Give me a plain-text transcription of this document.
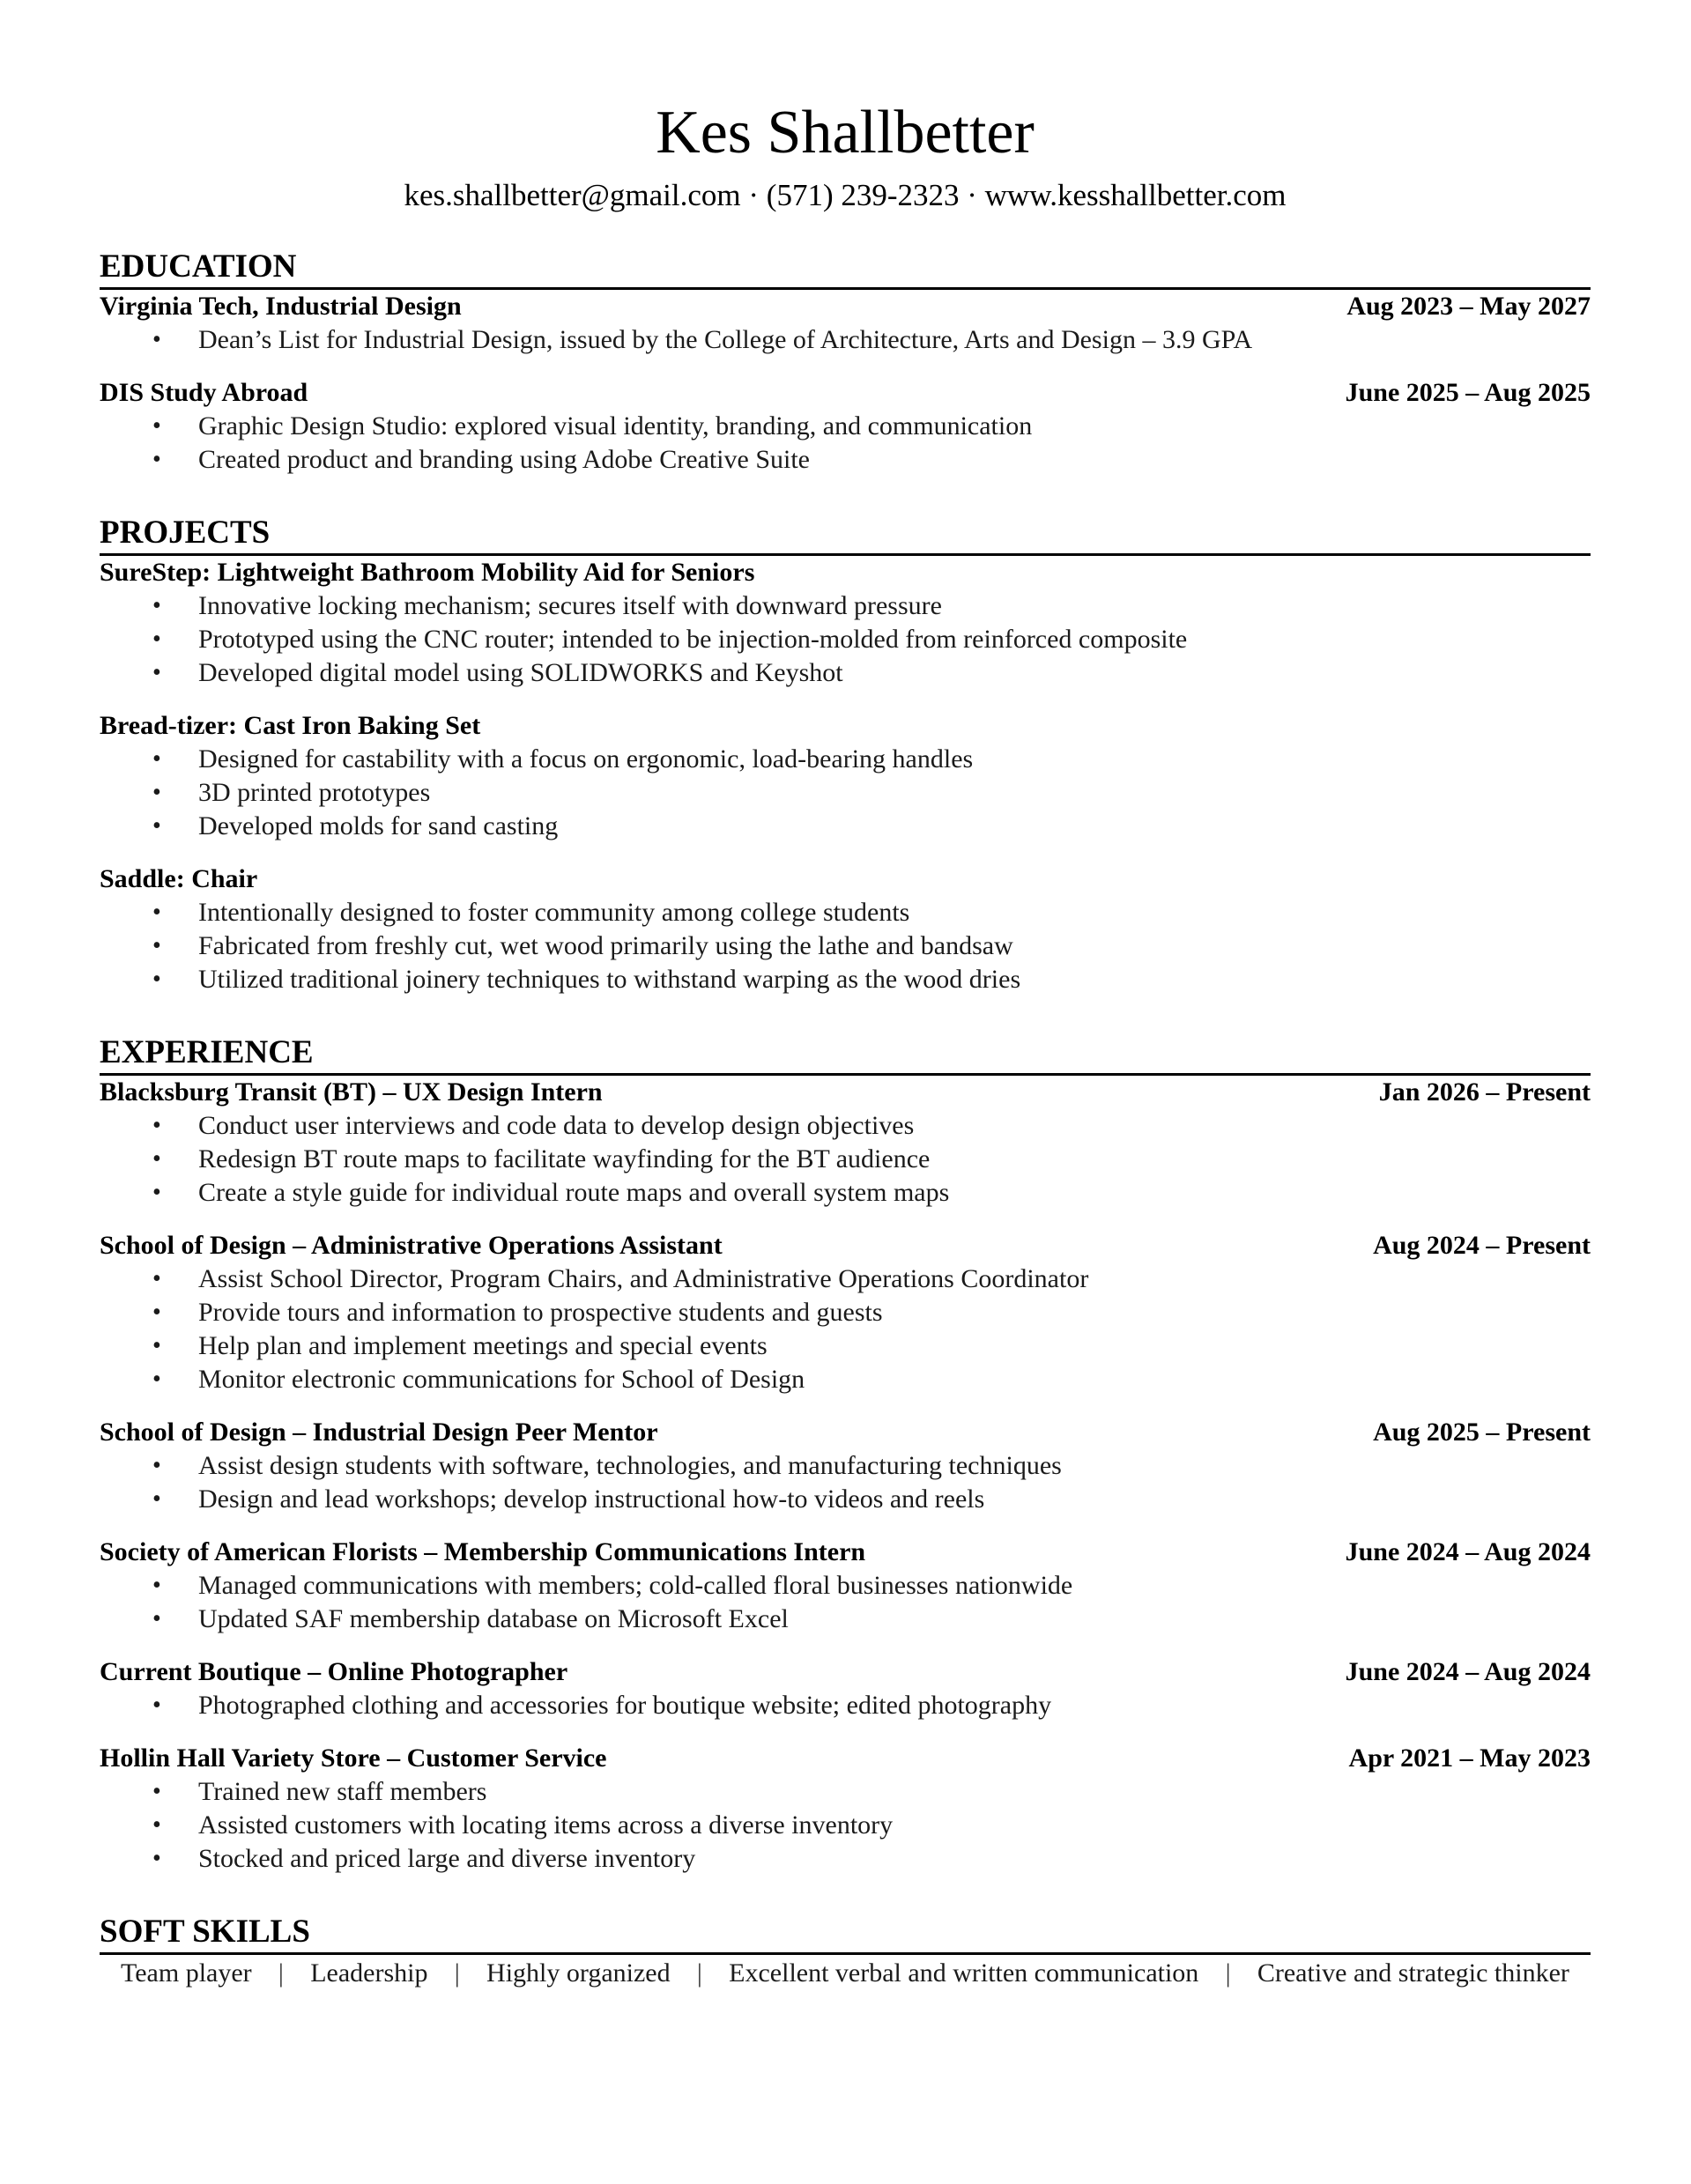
Kes Shallbetter
kes.shallbetter@gmail.com · (571) 239-2323 · www.kesshallbetter.com
EDUCATION
Virginia Tech, Industrial Design	Aug 2023 – May 2027
• Dean’s List for Industrial Design, issued by the College of Architecture, Arts and Design – 3.9 GPA
DIS Study Abroad	June 2025 – Aug 2025
• Graphic Design Studio: explored visual identity, branding, and communication
• Created product and branding using Adobe Creative Suite
PROJECTS
SureStep: Lightweight Bathroom Mobility Aid for Seniors
• Innovative locking mechanism; secures itself with downward pressure
• Prototyped using the CNC router; intended to be injection-molded from reinforced composite
• Developed digital model using SOLIDWORKS and Keyshot
Bread-tizer: Cast Iron Baking Set
• Designed for castability with a focus on ergonomic, load-bearing handles
• 3D printed prototypes
• Developed molds for sand casting
Saddle: Chair
• Intentionally designed to foster community among college students
• Fabricated from freshly cut, wet wood primarily using the lathe and bandsaw
• Utilized traditional joinery techniques to withstand warping as the wood dries
EXPERIENCE
Blacksburg Transit (BT) – UX Design Intern	Jan 2026 – Present
• Conduct user interviews and code data to develop design objectives
• Redesign BT route maps to facilitate wayfinding for the BT audience
• Create a style guide for individual route maps and overall system maps
School of Design – Administrative Operations Assistant	Aug 2024 – Present
• Assist School Director, Program Chairs, and Administrative Operations Coordinator
• Provide tours and information to prospective students and guests
• Help plan and implement meetings and special events
• Monitor electronic communications for School of Design
School of Design – Industrial Design Peer Mentor	Aug 2025 – Present
• Assist design students with software, technologies, and manufacturing techniques
• Design and lead workshops; develop instructional how-to videos and reels
Society of American Florists – Membership Communications Intern	June 2024 – Aug 2024
• Managed communications with members; cold-called floral businesses nationwide
• Updated SAF membership database on Microsoft Excel
Current Boutique – Online Photographer	June 2024 – Aug 2024
• Photographed clothing and accessories for boutique website; edited photography
Hollin Hall Variety Store – Customer Service	Apr 2021 – May 2023
• Trained new staff members
• Assisted customers with locating items across a diverse inventory
• Stocked and priced large and diverse inventory
SOFT SKILLS
Team player | Leadership | Highly organized | Excellent verbal and written communication | Creative and strategic thinker
